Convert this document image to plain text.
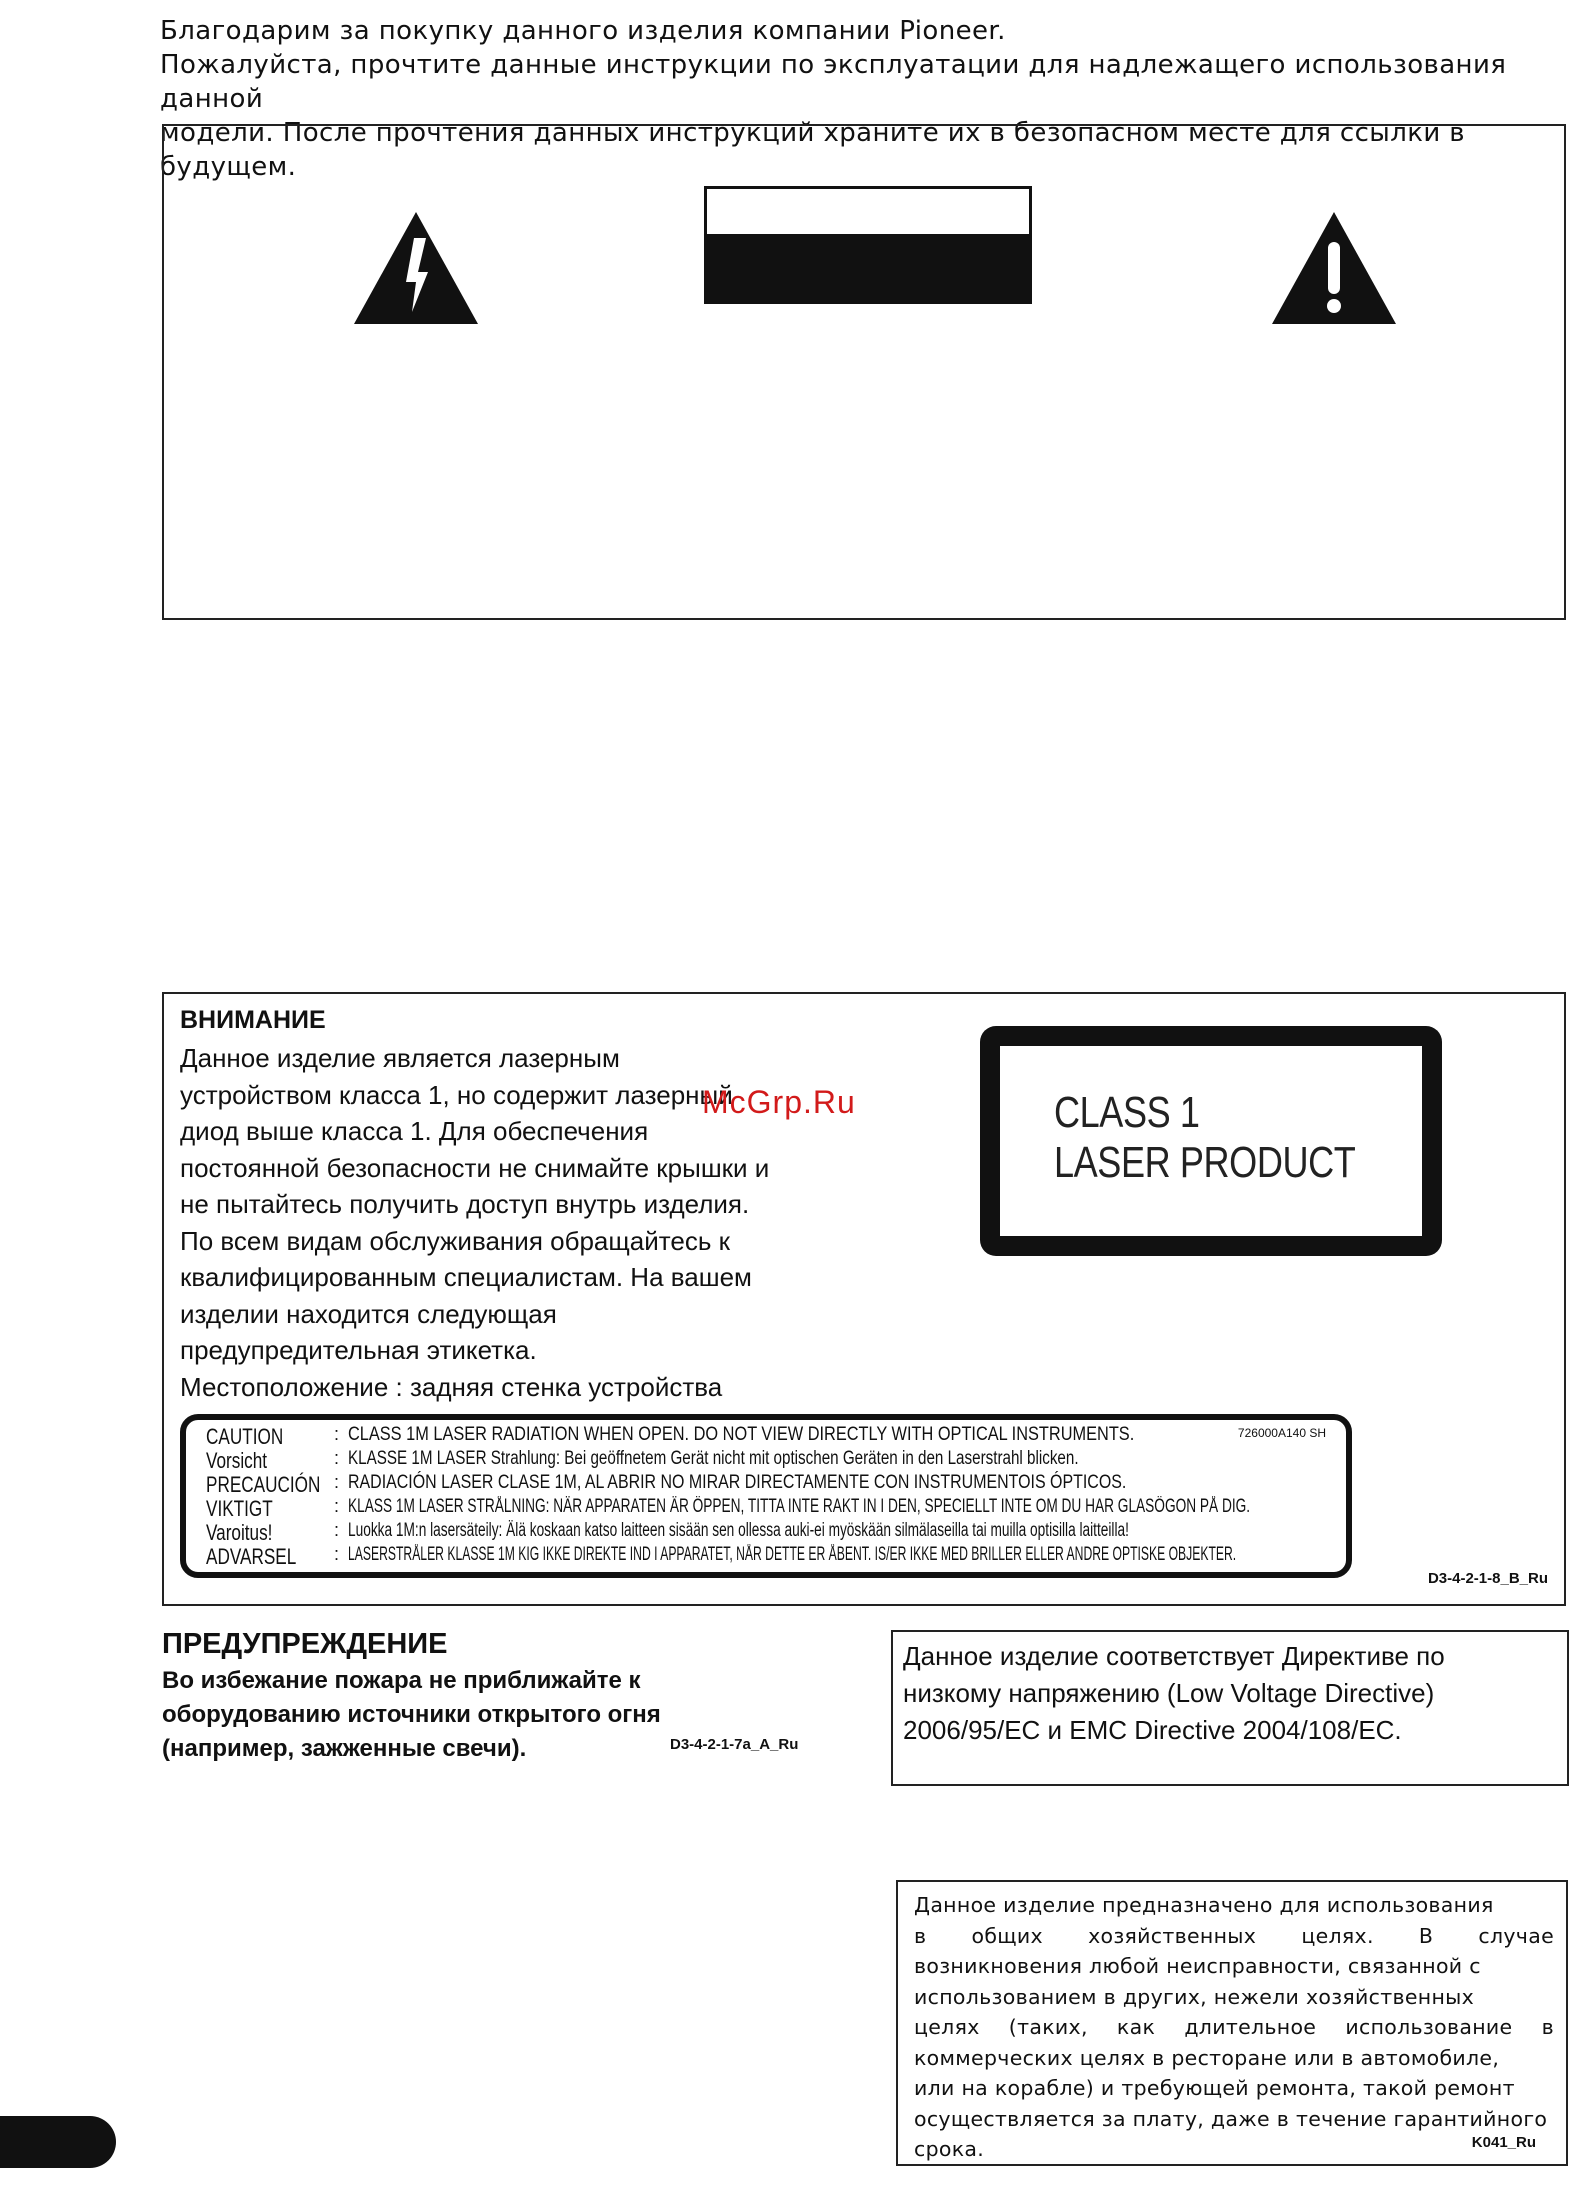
Благодарим за покупку данного изделия компании Pioneer.

Пожалуйста, прочтите данные инструкции по эксплуатации для надлежащего использования данной

модели. После прочтения данных инструкций храните их в безопасном месте для ссылки в будущем.

ВНИМАНИЕ

Данное изделие является лазерным

устройством класса 1, но содержит лазерный

диод выше класса 1. Для обеспечения

постоянной безопасности не снимайте крышки и

не пытайтесь получить доступ внутрь изделия.

По всем видам обслуживания обращайтесь к

квалифицированным специалистам. На вашем

изделии находится следующая

предупредительная этикетка.

Местоположение : задняя стенка устройства

McGrp.Ru	CLASS 1
LASER PRODUCT
726000A140 SH
CAUTION	: CLASS 1M LASER RADIATION WHEN OPEN. DO NOT VIEW DIRECTLY WITH OPTICAL INSTRUMENTS.
Vorsicht	: KLASSE 1M LASER Strahlung: Bei geöffnetem Gerät nicht mit optischen Geräten in den Laserstrahl blicken.
PRECAUCIÓN : RADIACIÓN LASER CLASE 1M, AL ABRIR NO MIRAR DIRECTAMENTE CON INSTRUMENTOIS ÓPTICOS.
VIKTIGT	: KLASS 1M LASER STRÅLNING: NÄR APPARATEN ÄR ÖPPEN, TITTA INTE RAKT IN I DEN, SPECIELLT INTE OM DU HAR GLASÖGON PÅ DIG.
Varoitus!	: Luokka 1M:n lasersäteily: Älä koskaan katso laitteen sisään sen ollessa auki-ei myöskään silmälaseilla tai muilla optisilla laitteilla!
ADVARSEL : LASERSTRÅLER KLASSE 1M KIG IKKE DIREKTE IND I APPARATET, NÅR DETTE ER ÅBENT. IS/ER IKKE MED BRILLER ELLER ANDRE OPTISKE OBJEKTER.
D3-4-2-1-8_B_Ru
ПРЕДУПРЕЖДЕНИЕ

Во избежание пожара не приближайте к

оборудованию источники открытого огня

(например, зажженные свечи).	D3-4-2-1-7a_A_Ru

Данное изделие соответствует Директиве по

низкому напряжению (Low Voltage Directive)

2006/95/EC и EMC Directive 2004/108/EC.

Данное изделие предназначено для использования

в общих хозяйственных целях. В случае

возникновения любой неисправности, связанной с

использованием в других, нежели хозяйственных

целях (таких, как длительное использование в

коммерческих целях в ресторане или в автомобиле,

или на корабле) и требующей ремонта, такой ремонт

осуществляется за плату, даже в течение гарантийного

срока.	K041_Ru
